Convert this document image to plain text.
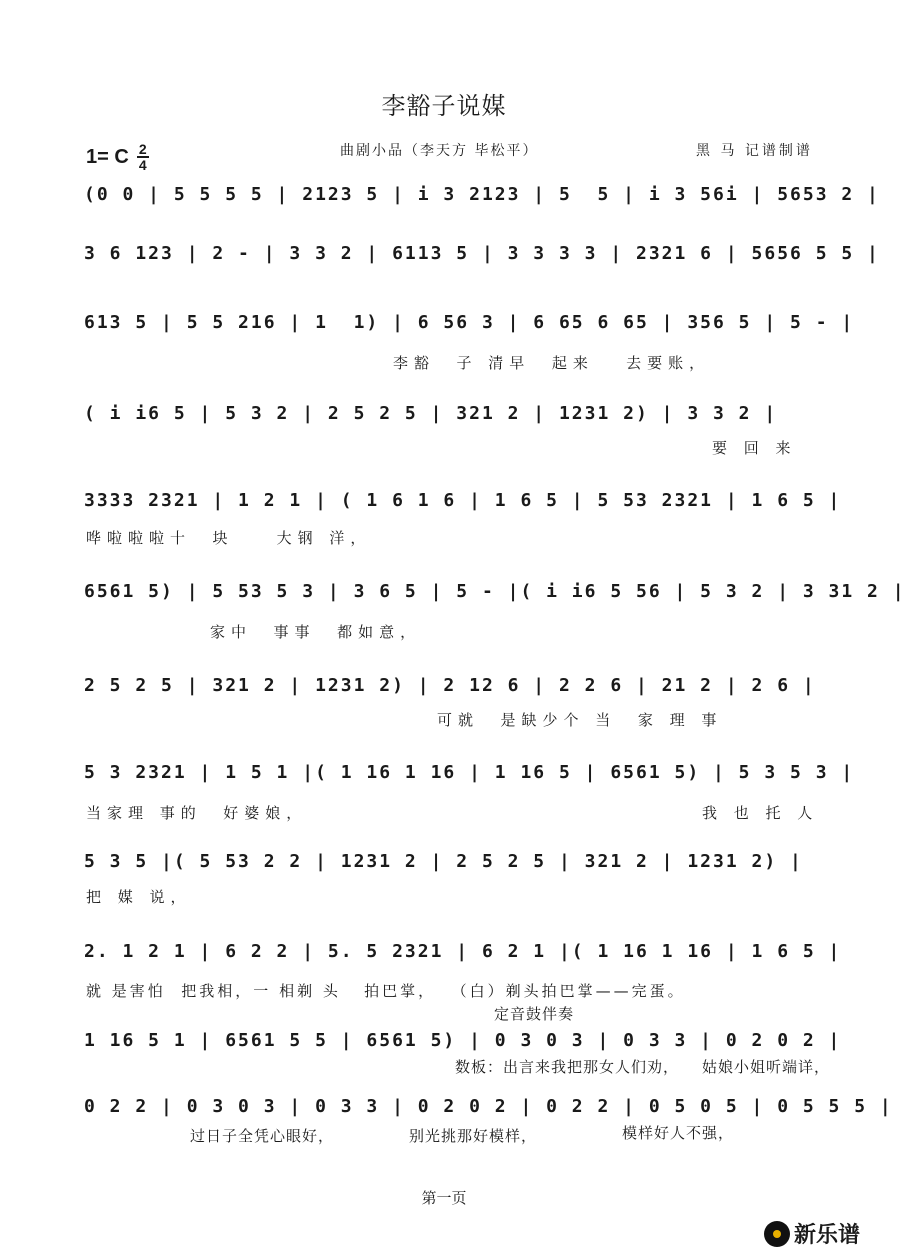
李豁子说媒
1= C $\frac{2}{4}$	曲剧小品（李天方 毕松平）	黑 马 记谱制谱
(0 0 | 5 5 5 5 | 2123 5 | i 3 2123 | 5  5 | i 3 56i | 5653 2 |
3 6 123 | 2 - | 3 3 2 | 6113 5 | 3 3 3 3 | 2321 6 | 5656 5 5 |
613 5 | 5 5 216 | 1  1) | 6 56 3 | 6 65 6 65 | 356 5 | 5 - |
李豁  子 清早  起来   去要账，
( i i6 5 | 5 3 2 | 2 5 2 5 | 321 2 | 1231 2) | 3 3 2 |
要 回 来
3333 2321 | 1 2 1 | ( 1 6 1 6 | 1 6 5 | 5 53 2321 | 1 6 5 |
哗啦啦啦十  块    大钢 洋，
6561 5) | 5 53 5 3 | 3 6 5 | 5 - |( i i6 5 56 | 5 3 2 | 3 31 2 |
家中  事事  都如意，
2 5 2 5 | 321 2 | 1231 2) | 2 12 6 | 2 2 6 | 21 2 | 2 6 |
可就  是缺少个 当  家 理 事
5 3 2321 | 1 5 1 |( 1 16 1 16 | 1 16 5 | 6561 5) | 5 3 5 3 |
当家理 事的  好婆娘，	我 也 托 人
5 3 5 |( 5 53 2 2 | 1231 2 | 2 5 2 5 | 321 2 | 1231 2) |
把 媒 说，
2. 1 2 1 | 6 2 2 | 5. 5 2321 | 6 2 1 |( 1 16 1 16 | 1 6 5 |
就 是害怕  把我相，一 相剃 头   拍巴掌，  （白）剃头拍巴掌——完蛋。
定音鼓伴奏
1 16 5 1 | 6561 5 5 | 6561 5) | 0 3 0 3 | 0 3 3 | 0 2 0 2 |
数板：出言来我把那女人们劝， 姑娘小姐听端详，
0 2 2 | 0 3 0 3 | 0 3 3 | 0 2 0 2 | 0 2 2 | 0 5 0 5 | 0 5 5 5 |
过日子全凭心眼好，	别光挑那好模样，	模样好人不强，
第一页
新乐谱
